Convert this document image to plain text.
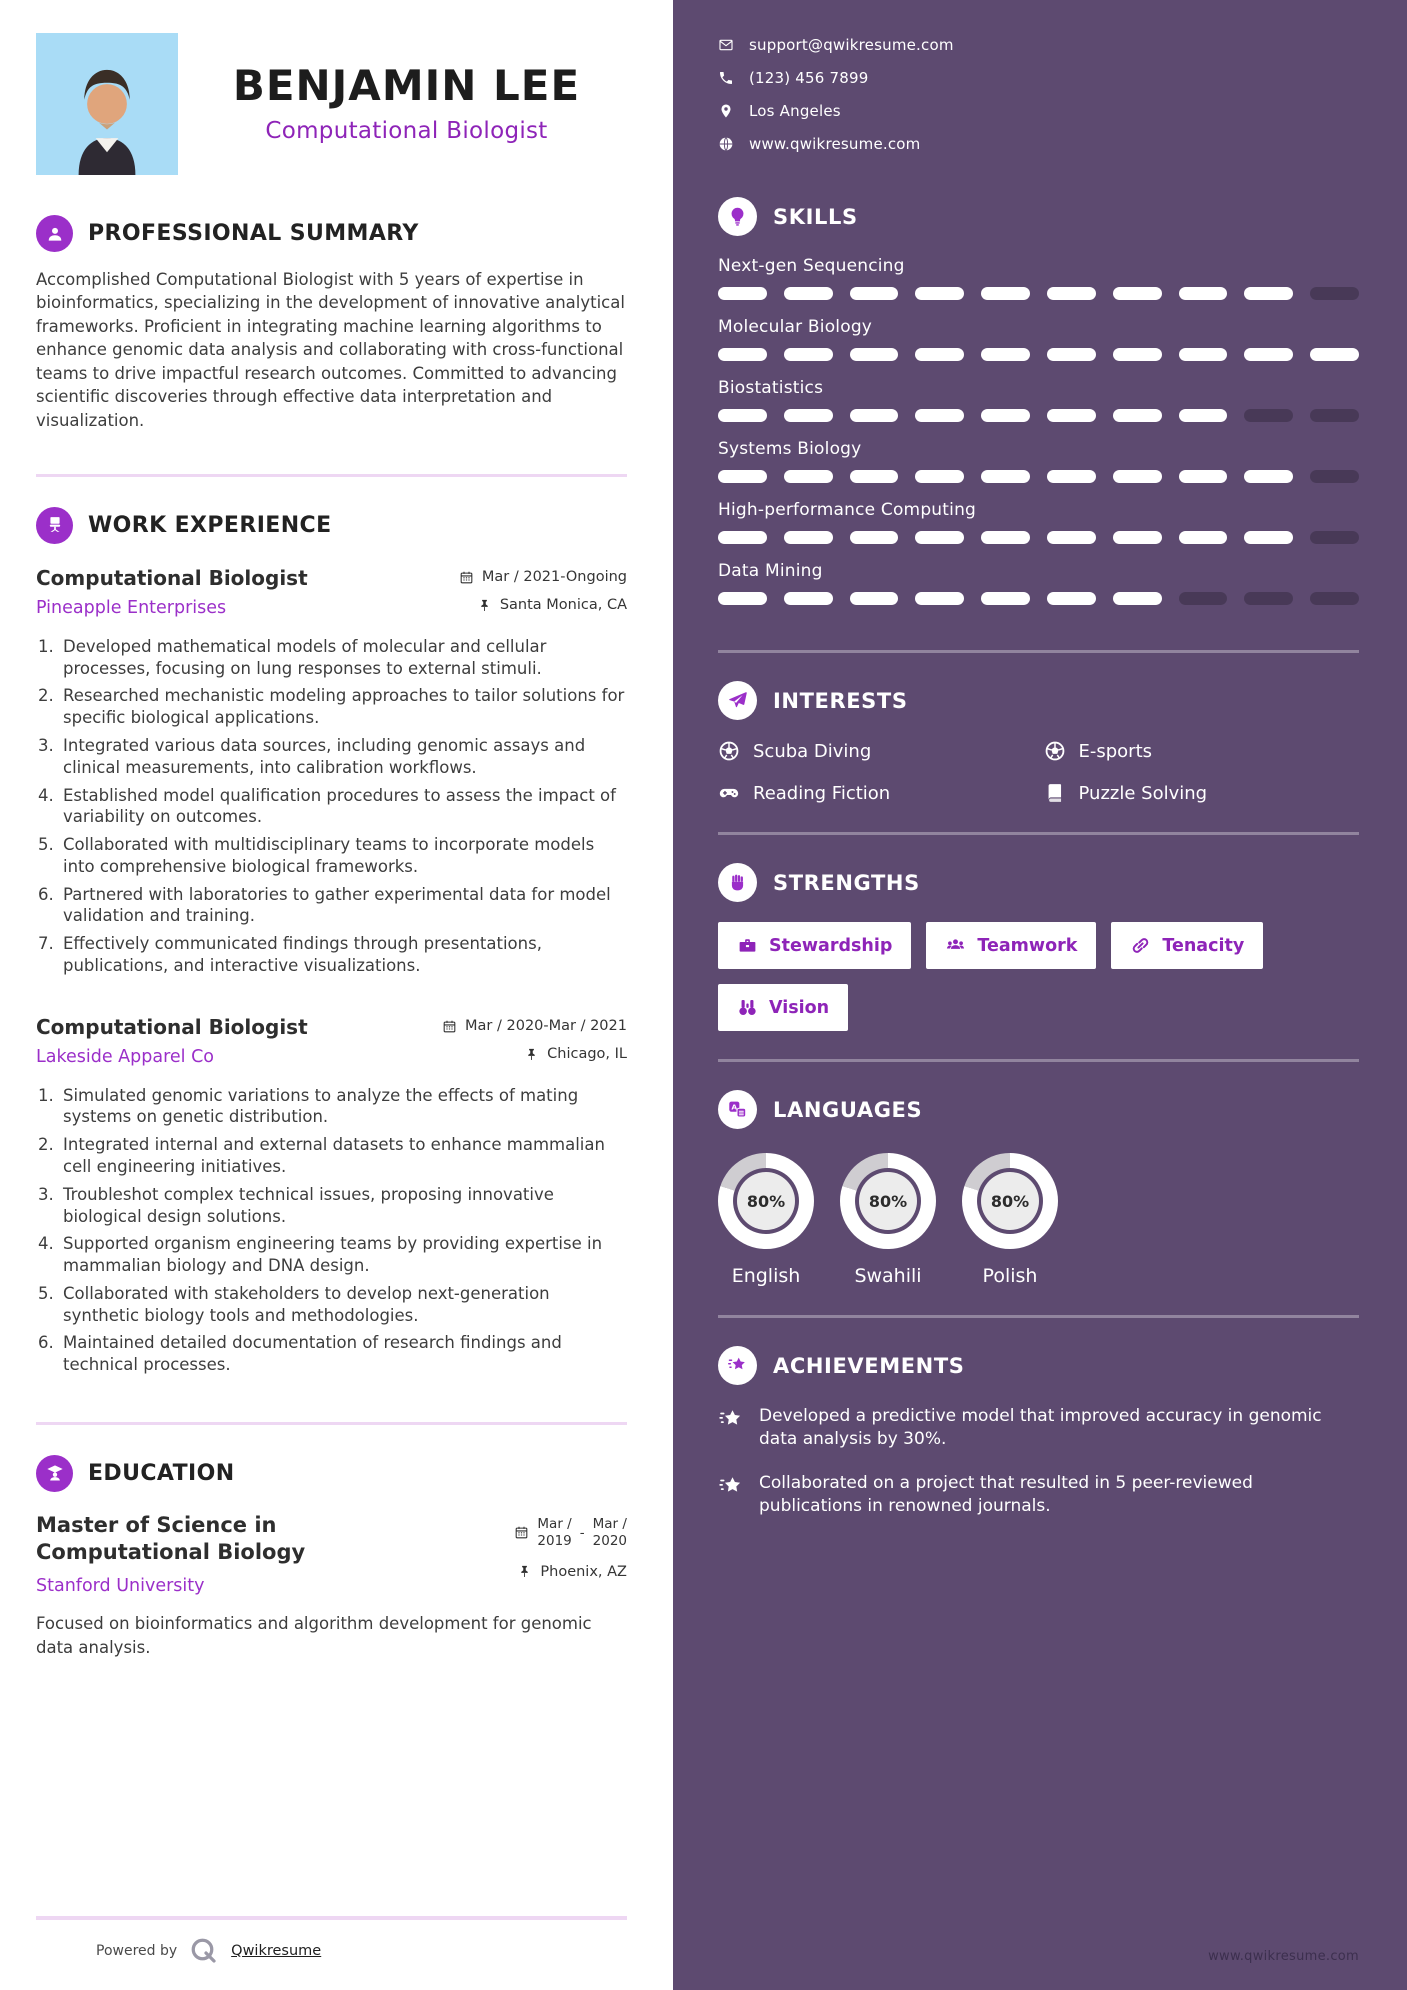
BENJAMIN LEE
Computational Biologist
PROFESSIONAL SUMMARY

Accomplished Computational Biologist with 5 years of expertise in bioinformatics, specializing in the development of innovative analytical frameworks. Proficient in integrating machine learning algorithms to enhance genomic data analysis and collaborating with cross-functional teams to drive impactful research outcomes. Committed to advancing scientific discoveries through effective data interpretation and visualization.

WORK EXPERIENCE
Computational Biologist	Mar / 2021-Ongoing
Pineapple Enterprises	Santa Monica, CA
Developed mathematical models of molecular and cellular processes, focusing on lung responses to external stimuli.
Researched mechanistic modeling approaches to tailor solutions for specific biological applications.
Integrated various data sources, including genomic assays and clinical measurements, into calibration workflows.
Established model qualification procedures to assess the impact of variability on outcomes.
Collaborated with multidisciplinary teams to incorporate models into comprehensive biological frameworks.
Partnered with laboratories to gather experimental data for model validation and training.
Effectively communicated findings through presentations, publications, and interactive visualizations.
Computational Biologist	Mar / 2020-Mar / 2021
Lakeside Apparel Co	Chicago, IL
Simulated genomic variations to analyze the effects of mating systems on genetic distribution.
Integrated internal and external datasets to enhance mammalian cell engineering initiatives.
Troubleshot complex technical issues, proposing innovative biological design solutions.
Supported organism engineering teams by providing expertise in mammalian biology and DNA design.
Collaborated with stakeholders to develop next-generation synthetic biology tools and methodologies.
Maintained detailed documentation of research findings and technical processes.
EDUCATION
Master of Science in Computational Biology
Stanford University
Mar /
2019 -
Mar /
2020
Phoenix, AZ

Focused on bioinformatics and algorithm development for genomic data analysis.

Powered by	Qwikresume
support@qwikresume.com
(123) 456 7899
Los Angeles
www.qwikresume.com
SKILLS
Next-gen Sequencing
Molecular Biology
Biostatistics
Systems Biology
High-performance Computing
Data Mining
INTERESTS
Scuba Diving	E-sports
Reading Fiction	Puzzle Solving
STRENGTHS
Stewardship	Teamwork	Tenacity
Vision
A LANGUAGES
80%
English
80%
Swahili
80%
Polish
ACHIEVEMENTS
Developed a predictive model that improved accuracy in genomic data analysis by 30%.
Collaborated on a project that resulted in 5 peer-reviewed publications in renowned journals.
www.qwikresume.com
